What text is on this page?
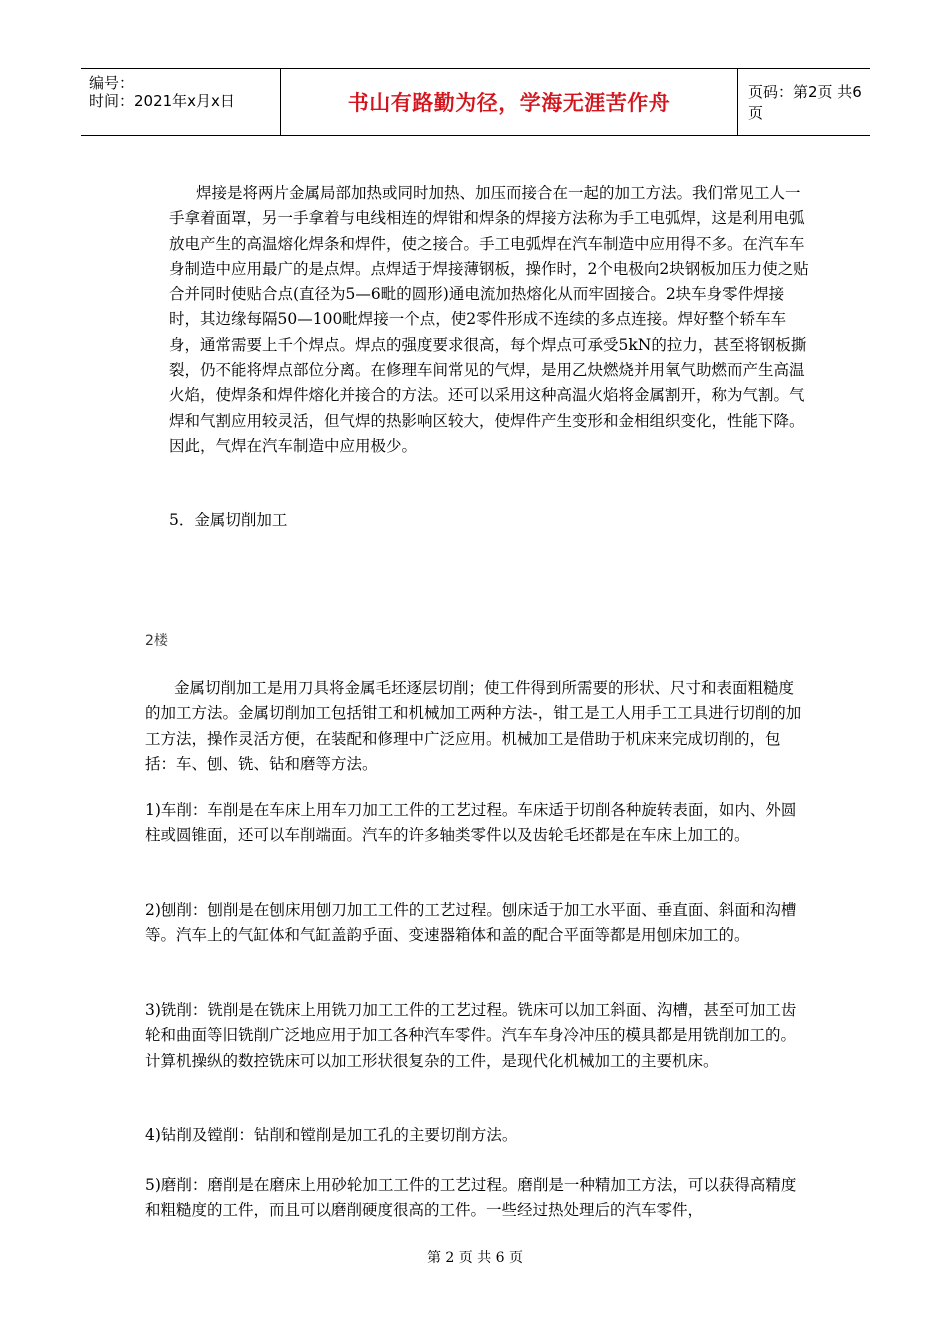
编号：
时间：2021年x月x日	书山有路勤为径，学海无涯苦作舟	页码：第2页 共6页

焊接是将两片金属局部加热或同时加热、加压而接合在一起的加工方法。我们常见工人一手拿着面罩，另一手拿着与电线相连的焊钳和焊条的焊接方法称为手工电弧焊，这是利用电弧放电产生的高温熔化焊条和焊件，使之接合。手工电弧焊在汽车制造中应用得不多。在汽车车身制造中应用最广的是点焊。点焊适于焊接薄钢板，操作时，2个电极向2块钢板加压力使之贴合并同时使贴合点(直径为5—6毗的圆形)通电流加热熔化从而牢固接合。2块车身零件焊接时，其边缘每隔50—100毗焊接一个点，使2零件形成不连续的多点连接。焊好整个轿车车身，通常需要上千个焊点。焊点的强度要求很高，每个焊点可承受5kN的拉力，甚至将钢板撕裂，仍不能将焊点部位分离。在修理车间常见的气焊，是用乙炔燃烧并用氧气助燃而产生高温火焰，使焊条和焊件熔化并接合的方法。还可以采用这种高温火焰将金属割开，称为气割。气焊和气割应用较灵活，但气焊的热影响区较大，使焊件产生变形和金相组织变化，性能下降。因此，气焊在汽车制造中应用极少。

5．金属切削加工
2楼

金属切削加工是用刀具将金属毛坯逐层切削；使工件得到所需要的形状、尺寸和表面粗糙度的加工方法。金属切削加工包括钳工和机械加工两种方法-，钳工是工人用手工工具进行切削的加工方法，操作灵活方便，在装配和修理中广泛应用。机械加工是借助于机床来完成切削的，包括：车、刨、铣、钻和磨等方法。

1)车削：车削是在车床上用车刀加工工件的工艺过程。车床适于切削各种旋转表面，如内、外圆柱或圆锥面，还可以车削端面。汽车的许多轴类零件以及齿轮毛坯都是在车床上加工的。

2)刨削：刨削是在刨床用刨刀加工工件的工艺过程。刨床适于加工水平面、垂直面、斜面和沟槽等。汽车上的气缸体和气缸盖韵乎面、变速器箱体和盖的配合平面等都是用刨床加工的。

3)铣削：铣削是在铣床上用铣刀加工工件的工艺过程。铣床可以加工斜面、沟槽，甚至可加工齿轮和曲面等旧铣削广泛地应用于加工各种汽车零件。汽车车身冷冲压的模具都是用铣削加工的。计算机操纵的数控铣床可以加工形状很复杂的工件，是现代化机械加工的主要机床。

4)钻削及镗削：钻削和镗削是加工孔的主要切削方法。

5)磨削：磨削是在磨床上用砂轮加工工件的工艺过程。磨削是一种精加工方法，可以获得高精度和粗糙度的工件，而且可以磨削硬度很高的工件。一些经过热处理后的汽车零件，

第 2 页 共 6 页
